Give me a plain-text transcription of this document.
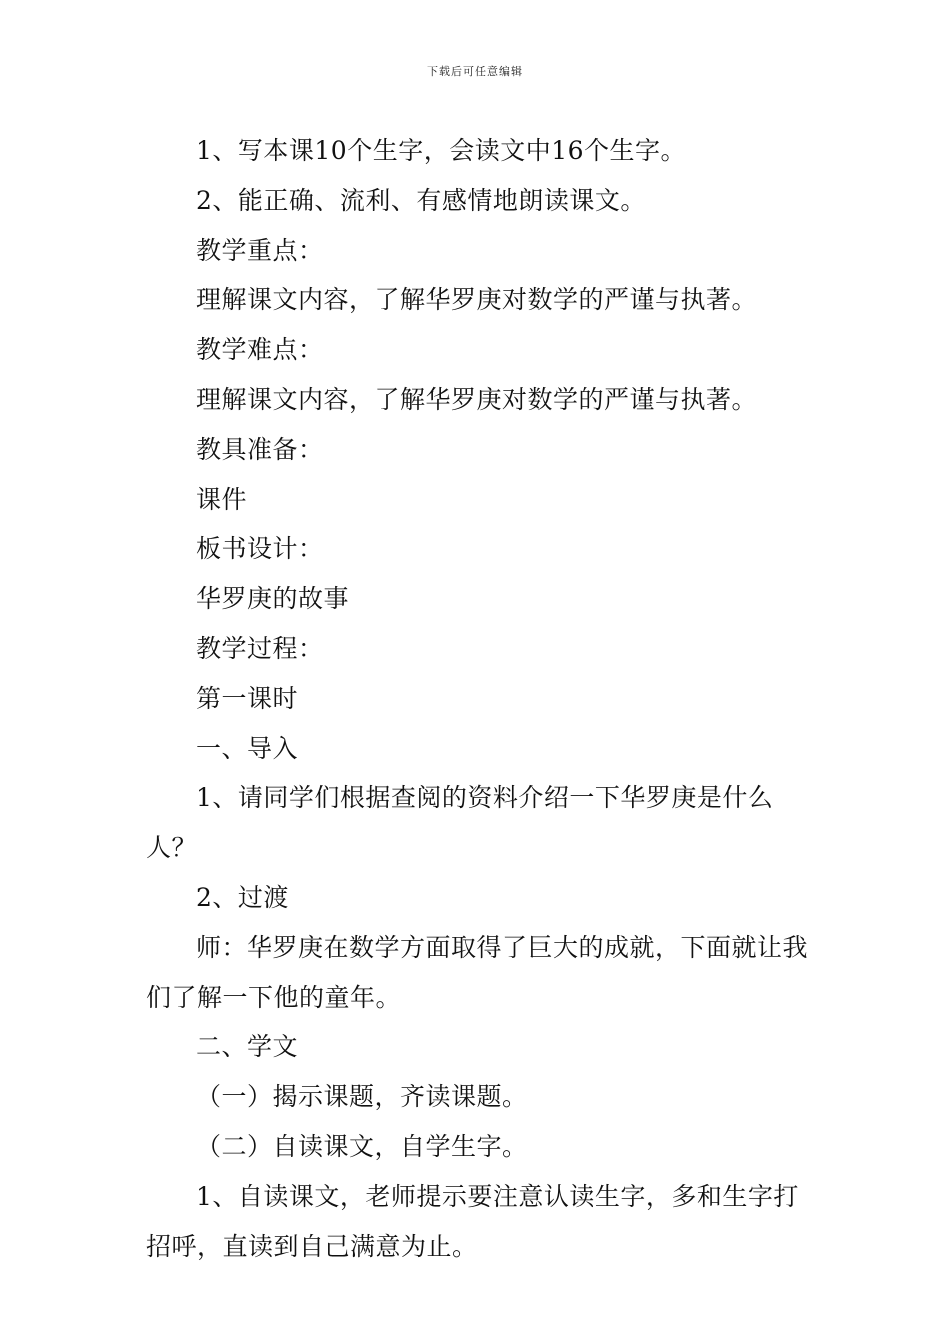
下载后可任意编辑

1、写本课10个生字，会读文中16个生字。

2、能正确、流利、有感情地朗读课文。

教学重点：

理解课文内容，了解华罗庚对数学的严谨与执著。

教学难点：

理解课文内容，了解华罗庚对数学的严谨与执著。

教具准备：

课件

板书设计：

华罗庚的故事

教学过程：

第一课时

一、导入

1、请同学们根据查阅的资料介绍一下华罗庚是什么人？

2、过渡

师：华罗庚在数学方面取得了巨大的成就，下面就让我们了解一下他的童年。

二、学文

（一）揭示课题，齐读课题。

（二）自读课文，自学生字。

1、自读课文，老师提示要注意认读生字，多和生字打招呼，直读到自己满意为止。
